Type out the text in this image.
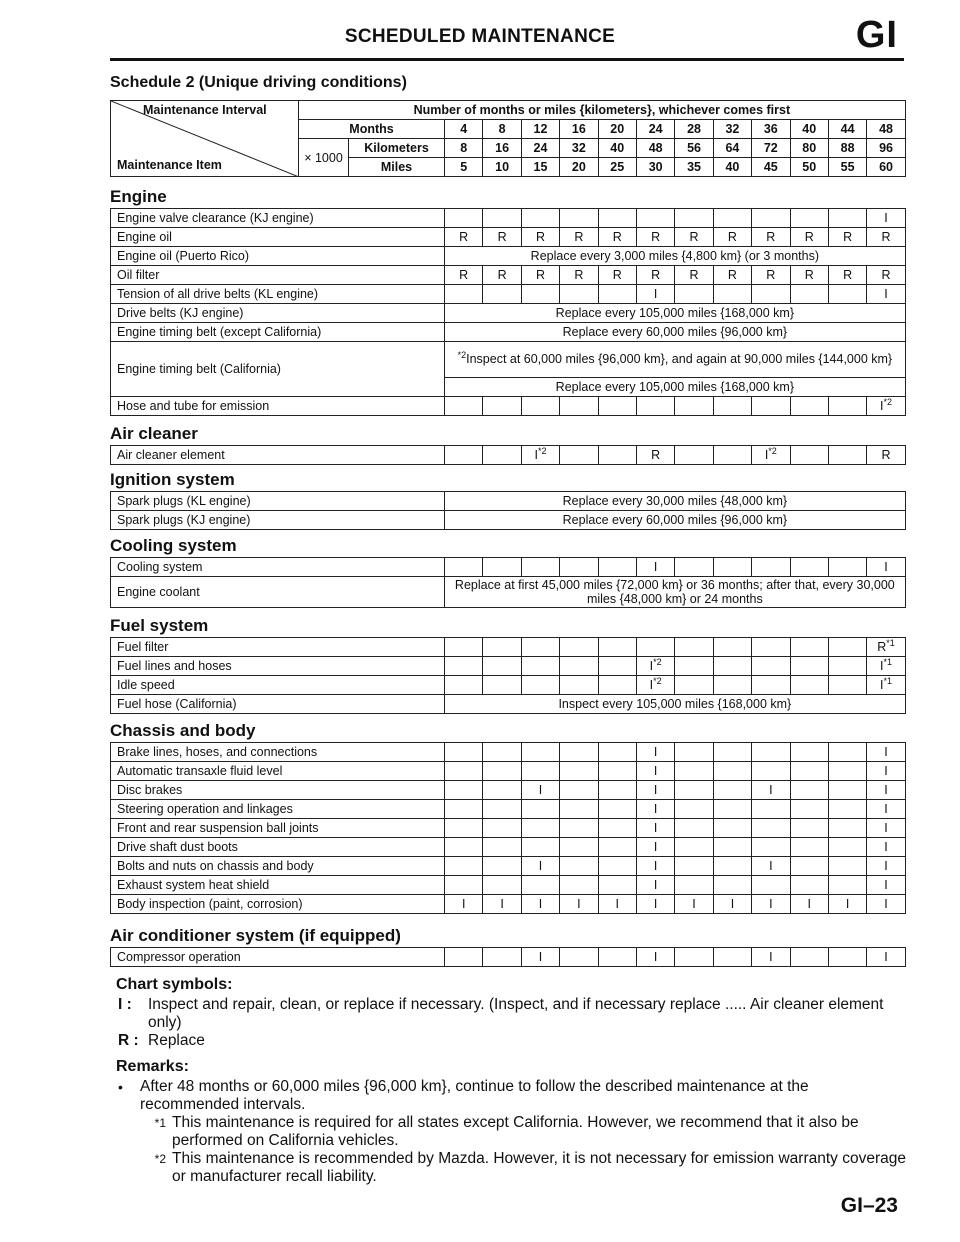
SCHEDULED MAINTENANCE	GI
Schedule 2 (Unique driving conditions)
Maintenance Interval
Maintenance Item	Number of months or miles {kilometers}, whichever comes first													
	Months		4	8	12	16	20	24	28	32	36	40	44	48
	× 1000	Kilometers	8	16	24	32	40	48	56	64	72	80	88	96
		Miles	5	10	15	20	25	30	35	40	45	50	55	60
Engine
Engine valve clearance (KJ engine)												I
Engine oil	R	R	R	R	R	R	R	R	R	R	R	R
Engine oil (Puerto Rico)	Replace every 3,000 miles {4,800 km} (or 3 months)											
Oil filter	R	R	R	R	R	R	R	R	R	R	R	R
Tension of all drive belts (KL engine)						I						I
Drive belts (KJ engine)	Replace every 105,000 miles {168,000 km}											
Engine timing belt (except California)	Replace every 60,000 miles {96,000 km}											
Engine timing belt (California)	$^{*2}$Inspect at 60,000 miles {96,000 km}, and again at 90,000 miles {144,000 km}											
	Replace every 105,000 miles {168,000 km}											
Hose and tube for emission												$I^{*2}$
Air cleaner
Air cleaner element			$I^{*2}$			R			$I^{*2}$			R
Ignition system
Spark plugs (KL engine)	Replace every 30,000 miles {48,000 km}
Spark plugs (KJ engine)	Replace every 60,000 miles {96,000 km}
Cooling system
Cooling system						I						I
Engine coolant	Replace at first 45,000 miles {72,000 km} or 36 months; after that, every 30,000 miles {48,000 km} or 24 months											
Fuel system
Fuel filter												$R^{*1}$
Fuel lines and hoses						$I^{*2}$						$I^{*1}$
Idle speed						$I^{*2}$						$I^{*1}$
Fuel hose (California)	Inspect every 105,000 miles {168,000 km}											
Chassis and body
Brake lines, hoses, and connections						I						I
Automatic transaxle fluid level						I						I
Disc brakes			I			I			I			I
Steering operation and linkages						I						I
Front and rear suspension ball joints						I						I
Drive shaft dust boots						I						I
Bolts and nuts on chassis and body			I			I			I			I
Exhaust system heat shield						I						I
Body inspection (paint, corrosion)	I	I	I	I	I	I	I	I	I	I	I	I
Air conditioner system (if equipped)
Compressor operation			I			I			I			I
Chart symbols:
I :	Inspect and repair, clean, or replace if necessary. (Inspect, and if necessary replace ..... Air cleaner element only)
R : Replace
Remarks:
•	After 48 months or 60,000 miles {96,000 km}, continue to follow the described maintenance at the recommended intervals.
*1 This maintenance is required for all states except California. However, we recommend that it also be performed on California vehicles.
*2 This maintenance is recommended by Mazda. However, it is not necessary for emission warranty coverage or manufacturer recall liability.
GI–23
